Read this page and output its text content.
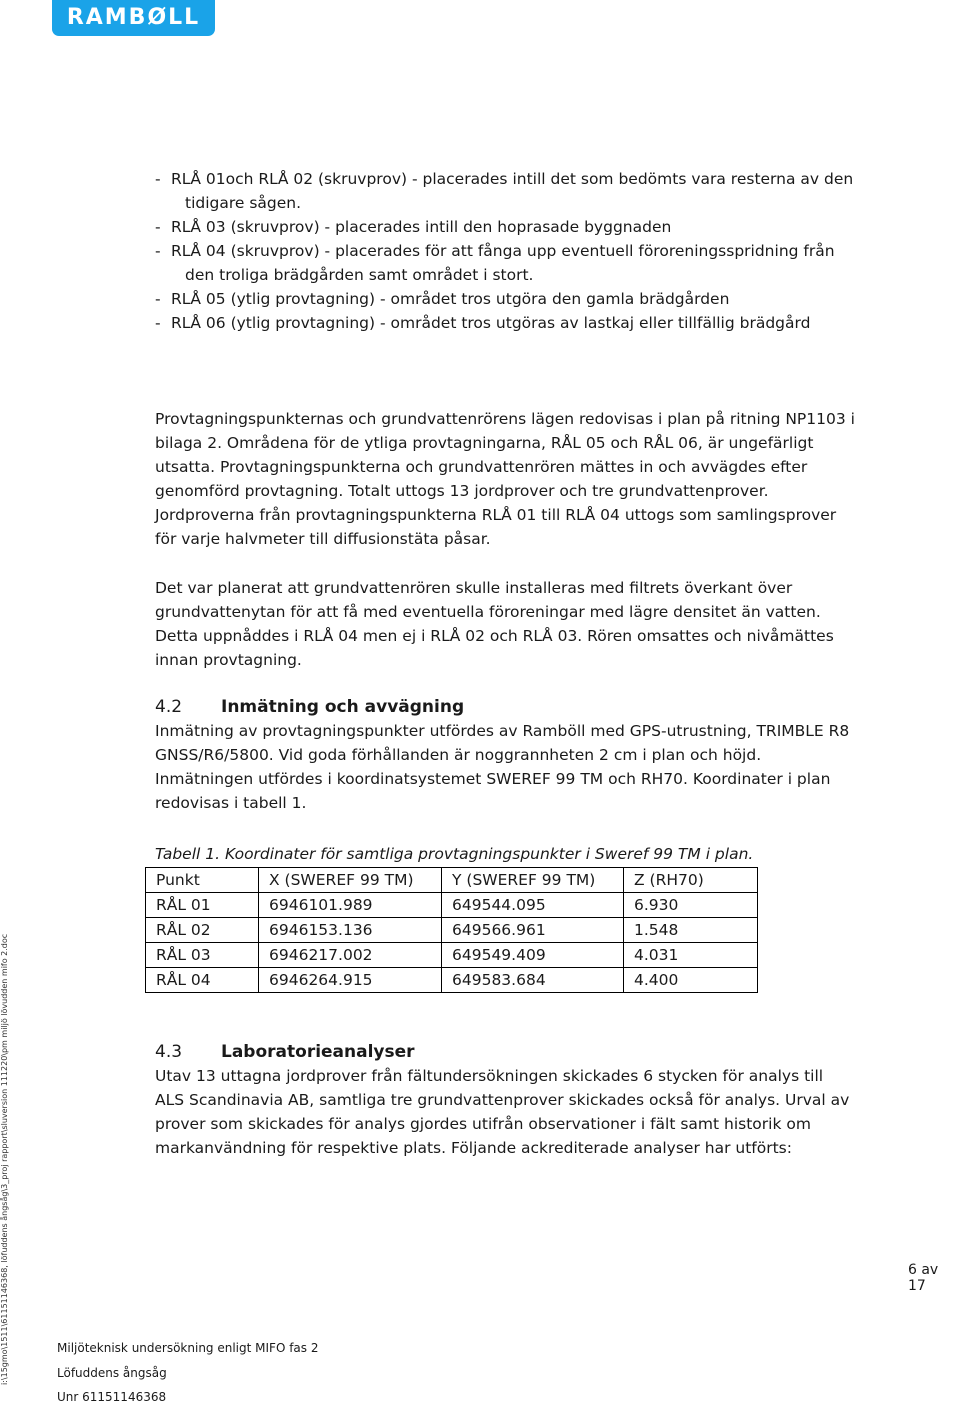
RAMBØLL
- RLÅ 01och RLÅ 02 (skruvprov) - placerades intill det som bedömts vara resterna av den tidigare sågen.
- RLÅ 03 (skruvprov) - placerades intill den hoprasade byggnaden
- RLÅ 04 (skruvprov) - placerades för att fånga upp eventuell föroreningsspridning från den troliga brädgården samt området i stort.
- RLÅ 05 (ytlig provtagning) - området tros utgöra den gamla brädgården
- RLÅ 06 (ytlig provtagning) - området tros utgöras av lastkaj eller tillfällig brädgård

Provtagningspunkternas och grundvattenrörens lägen redovisas i plan på ritning NP1103 i bilaga 2. Områdena för de ytliga provtagningarna, RÅL 05 och RÅL 06, är ungefärligt utsatta. Provtagningspunkterna och grundvattenrören mättes in och avvägdes efter genomförd provtagning. Totalt uttogs 13 jordprover och tre grundvattenprover. Jordproverna från provtagningspunkterna RLÅ 01 till RLÅ 04 uttogs som samlingsprover för varje halvmeter till diffusionstäta påsar.

Det var planerat att grundvattenrören skulle installeras med filtrets överkant över grundvattenytan för att få med eventuella föroreningar med lägre densitet än vatten. Detta uppnåddes i RLÅ 04 men ej i RLÅ 02 och RLÅ 03. Rören omsattes och nivåmättes innan provtagning.

4.2 Inmätning och avvägning
Inmätning av provtagningspunkter utfördes av Ramböll med GPS-utrustning, TRIMBLE R8 GNSS/R6/5800. Vid goda förhållanden är noggrannheten 2 cm i plan och höjd. Inmätningen utfördes i koordinatsystemet SWEREF 99 TM och RH70. Koordinater i plan redovisas i tabell 1.
Tabell 1. Koordinater för samtliga provtagningspunkter i Sweref 99 TM i plan.
Punkt	X (SWEREF 99 TM)	Y (SWEREF 99 TM)	Z (RH70)
RÅL 01	6946101.989	649544.095	6.930
RÅL 02	6946153.136	649566.961	1.548
RÅL 03	6946217.002	649549.409	4.031
RÅL 04	6946264.915	649583.684	4.400
4.3 Laboratorieanalyser
Utav 13 uttagna jordprover från fältundersökningen skickades 6 stycken för analys till ALS Scandinavia AB, samtliga tre grundvattenprover skickades också för analys. Urval av prover som skickades för analys gjordes utifrån observationer i fält samt historik om markanvändning för respektive plats. Följande ackrediterade analyser har utförts:
6 av 17
Miljöteknisk undersökning enligt MIFO fas 2
Löfuddens ångsåg
Unr 61151146368
i:\15gmo\1511\61151146368, löfuddens ångsåg\3_proj rapport\sluversion 111220\pm miljö lövudden mifo 2.doc
